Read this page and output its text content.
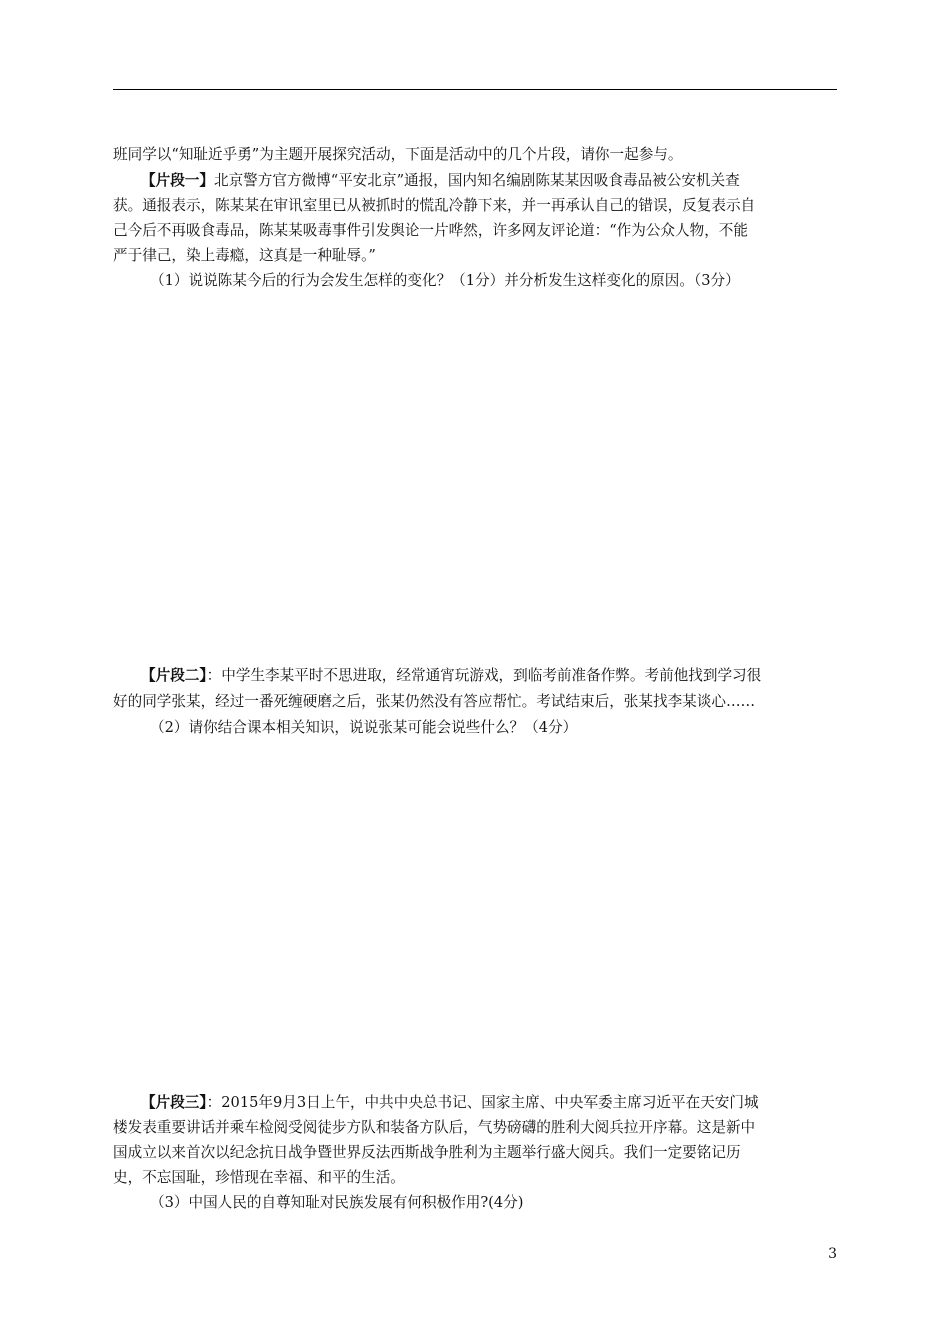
班同学以“知耻近乎勇”为主题开展探究活动，下面是活动中的几个片段，请你一起参与。
【片段一】北京警方官方微博“平安北京”通报，国内知名编剧陈某某因吸食毒品被公安机关查
获。通报表示，陈某某在审讯室里已从被抓时的慌乱冷静下来，并一再承认自己的错误，反复表示自
己今后不再吸食毒品，陈某某吸毒事件引发舆论一片哗然，许多网友评论道：“作为公众人物，不能
严于律己，染上毒瘾，这真是一种耻辱。”
（1）说说陈某今后的行为会发生怎样的变化？（1分）并分析发生这样变化的原因。（3分）
【片段二】：中学生李某平时不思进取，经常通宵玩游戏，到临考前准备作弊。考前他找到学习很
好的同学张某，经过一番死缠硬磨之后，张某仍然没有答应帮忙。考试结束后，张某找李某谈心……
（2）请你结合课本相关知识，说说张某可能会说些什么？（4分）
【片段三】：2015年9月3日上午，中共中央总书记、国家主席、中央军委主席习近平在天安门城
楼发表重要讲话并乘车检阅受阅徒步方队和装备方队后，气势磅礴的胜利大阅兵拉开序幕。这是新中
国成立以来首次以纪念抗日战争暨世界反法西斯战争胜利为主题举行盛大阅兵。我们一定要铭记历
史，不忘国耻，珍惜现在幸福、和平的生活。
（3）中国人民的自尊知耻对民族发展有何积极作用?(4分)
3
